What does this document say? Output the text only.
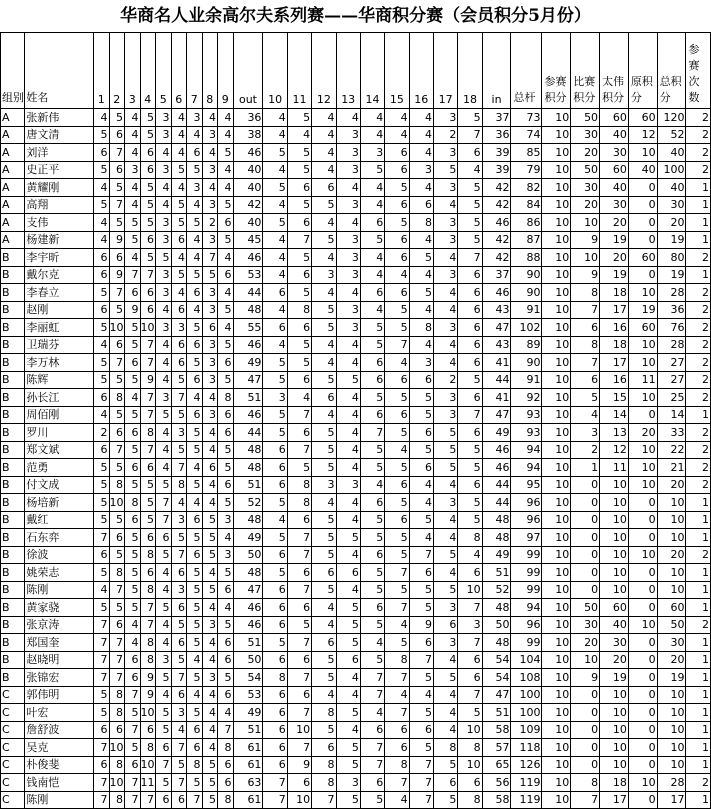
华商名人业余高尔夫系列赛——华商积分赛（会员积分5月份）
组别	姓名	1	2	3	4	5	6	7	8	9	out	10	11	12	13	14	15	16	17	18	in	总杆	参赛积分	比赛积分	太伟积分	原积分	总积分	参赛次数
A	张新伟	4	5	4	5	3	4	3	4	4	36	4	5	4	4	4	4	4	3	5	37	73	10	50	60	60	120	2
A	唐文清	5	6	4	5	3	4	4	3	4	38	4	4	4	3	4	4	4	2	7	36	74	10	30	40	12	52	2
A	刘洋	6	7	4	6	4	4	6	4	5	46	5	5	4	3	3	6	4	3	6	39	85	10	20	30	10	40	2
A	史正平	5	6	3	6	3	5	5	3	4	40	4	5	4	3	5	6	3	5	4	39	79	10	50	60	40	100	2
A	黄耀刚	4	5	4	5	4	4	3	4	4	40	5	6	6	4	4	5	4	3	5	42	82	10	30	40	0	40	1
A	高翔	5	7	4	5	4	5	4	3	5	42	4	5	5	3	4	6	6	4	5	42	84	10	20	30	0	30	1
A	支伟	4	5	5	5	3	5	5	2	6	40	5	6	4	4	6	5	8	3	5	46	86	10	10	20	0	20	1
A	杨建新	4	9	5	6	3	6	4	3	5	45	4	7	5	3	5	6	4	3	5	42	87	10	9	19	0	19	1
B	李宇昕	6	6	4	5	5	4	4	7	4	46	4	5	4	3	4	6	5	4	7	42	88	10	10	20	60	80	2
B	戴尔克	6	9	7	7	3	5	5	5	6	53	4	6	3	3	4	4	4	3	6	37	90	10	9	19	0	19	1
B	李春立	5	7	6	6	3	4	6	3	4	44	6	5	4	4	6	6	5	4	6	46	90	10	8	18	10	28	2
B	赵刚	6	5	9	6	4	6	4	3	5	48	4	8	5	3	4	5	4	4	6	43	91	10	7	17	19	36	2
B	李丽虹	5	10	5	10	3	3	5	6	4	55	6	6	5	3	5	5	8	3	6	47	102	10	6	16	60	76	2
B	卫瑞芬	4	6	5	7	4	6	6	3	5	46	4	5	4	4	5	7	4	4	6	43	89	10	8	18	10	28	2
B	李万林	5	7	6	7	4	6	5	3	6	49	5	5	4	4	6	4	3	4	6	41	90	10	7	17	10	27	2
B	陈辉	5	5	5	9	4	5	6	3	5	47	5	6	5	5	6	6	6	2	5	44	91	10	6	16	11	27	2
B	孙长江	6	8	4	7	3	7	4	4	8	51	3	4	6	4	5	5	5	3	6	41	92	10	5	15	10	25	2
B	周佰刚	4	5	5	7	5	5	6	3	6	46	5	7	4	4	6	6	5	3	7	47	93	10	4	14	0	14	1
B	罗川	2	6	6	8	4	3	5	4	6	44	5	6	5	4	7	5	6	5	6	49	93	10	3	13	20	33	2
B	郑文斌	6	7	5	7	4	5	5	4	5	48	6	7	5	4	5	4	5	5	5	46	94	10	2	12	10	22	2
B	范勇	5	5	6	6	4	7	4	6	5	48	6	5	5	4	5	5	6	5	5	46	94	10	1	11	10	21	2
B	付文成	5	8	5	5	5	8	5	4	6	51	6	8	3	3	4	6	4	4	6	44	95	10	0	10	10	20	2
B	杨培新	5	10	8	5	7	4	4	4	5	52	5	8	4	4	6	5	4	3	5	44	96	10	0	10	0	10	1
B	戴红	5	5	6	5	7	3	6	5	3	48	4	6	5	4	5	6	5	4	5	48	96	10	0	10	0	10	1
B	石东弈	7	6	5	6	6	5	5	5	4	49	5	7	5	5	5	5	4	4	8	48	97	10	0	10	0	10	1
B	徐波	6	5	5	8	5	7	6	5	3	50	6	7	5	4	6	5	7	5	4	49	99	10	0	10	10	20	2
B	姚荣志	5	8	5	6	4	6	5	4	5	48	5	6	6	6	5	7	6	4	6	51	99	10	0	10	0	10	1
B	陈刚	4	7	5	8	4	3	5	5	6	47	6	7	5	4	5	5	5	5	10	52	99	10	0	10	0	10	1
B	黄家骁	5	5	5	7	5	6	5	4	4	46	6	6	4	5	6	7	5	3	7	48	94	10	50	60	0	60	1
B	张京涛	7	6	4	7	4	5	5	3	5	46	6	5	4	5	5	4	9	6	3	50	96	10	30	40	10	50	2
B	郑国奎	7	7	4	8	4	6	5	4	6	51	5	7	6	5	4	5	6	3	7	48	99	10	20	30	0	30	1
B	赵晓明	7	7	6	8	3	5	4	4	6	50	6	6	5	6	5	8	7	4	6	54	104	10	10	20	0	20	1
B	张锦宏	7	7	6	9	5	7	5	3	5	54	8	7	5	4	7	7	5	5	6	54	108	10	9	19	0	19	1
C	郭伟明	5	8	7	9	4	6	4	4	6	53	6	6	4	4	7	4	4	4	7	47	100	10	0	10	0	10	1
C	叶宏	5	8	5	10	5	3	5	4	4	49	6	7	8	5	4	7	5	4	5	51	100	10	0	10	0	10	1
C	詹舒波	6	6	7	6	5	4	6	4	7	51	6	10	5	4	6	6	6	4	10	58	109	10	0	10	0	10	1
C	吴克	7	10	5	8	6	7	6	4	8	61	6	7	6	5	7	6	5	8	8	57	118	10	0	10	0	10	1
C	朴俊斐	6	8	6	10	7	5	8	5	6	61	6	9	8	5	7	8	7	5	10	65	126	10	0	10	0	10	1
C	钱南恺	7	10	7	11	5	7	5	5	6	63	7	6	8	3	6	7	7	6	6	56	119	10	8	18	10	28	2
C	陈刚	7	8	7	7	6	6	7	5	8	61	7	10	7	5	5	4	7	5	8	58	119	10	7	17	0	17	1
